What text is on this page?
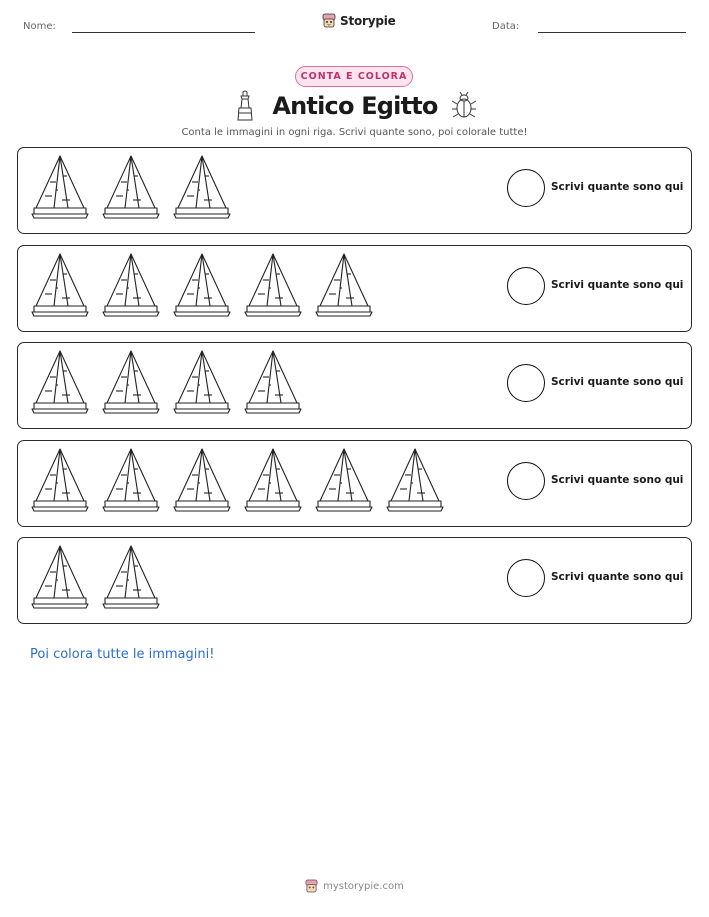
Nome:	Storypie	Data:
CONTA E COLORA
Antico Egitto
Conta le immagini in ogni riga. Scrivi quante sono, poi colorale tutte!
Scrivi quante sono qui
Scrivi quante sono qui
Scrivi quante sono qui
Scrivi quante sono qui
Scrivi quante sono qui
Poi colora tutte le immagini!
mystorypie.com
